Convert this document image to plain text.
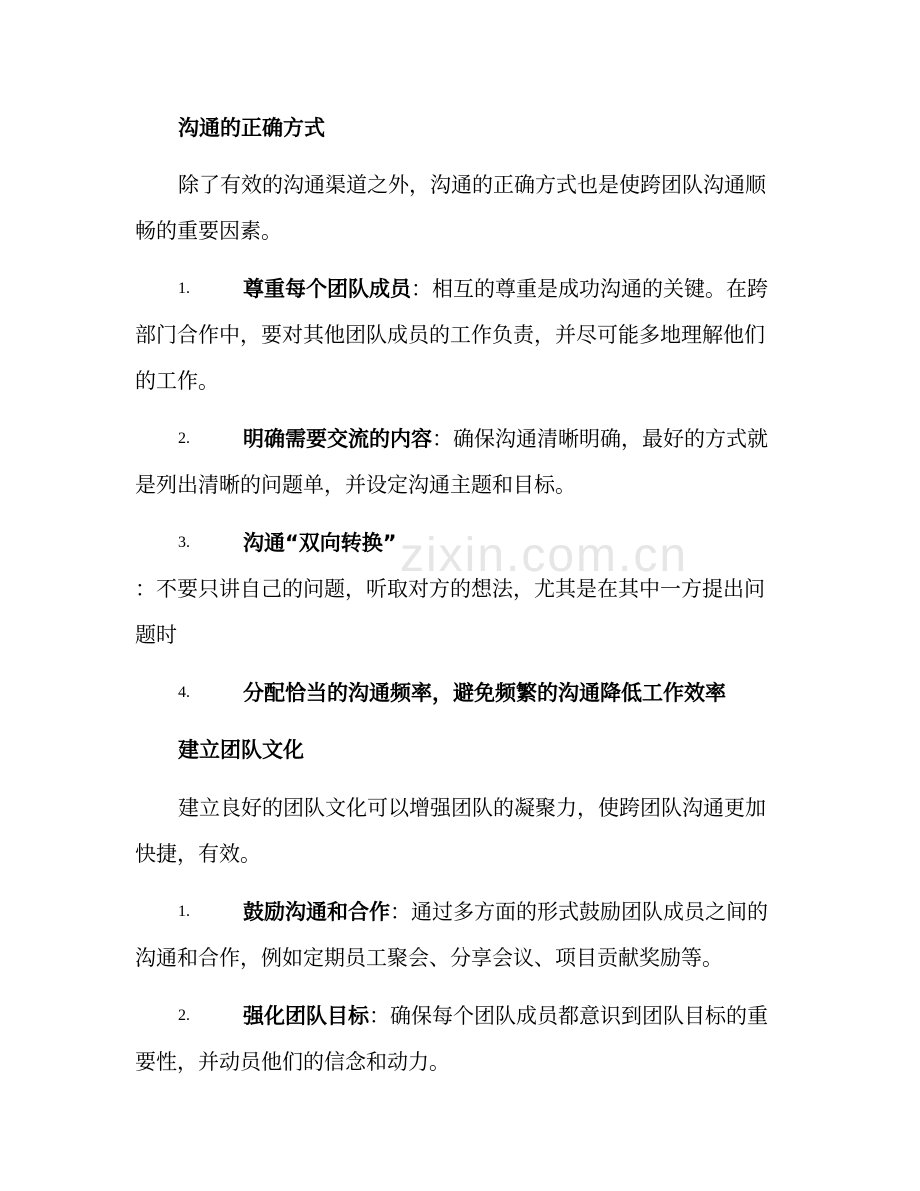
zixin.com.cn
沟通的正确方式
除了有效的沟通渠道之外，沟通的正确方式也是使跨团队沟通顺
畅的重要因素。
1.	尊重每个团队成员：相互的尊重是成功沟通的关键。在跨
部门合作中，要对其他团队成员的工作负责，并尽可能多地理解他们
的工作。
2.	明确需要交流的内容：确保沟通清晰明确，最好的方式就
是列出清晰的问题单，并设定沟通主题和目标。
3.	沟通“双向转换”
：不要只讲自己的问题，听取对方的想法，尤其是在其中一方提出问
题时
4.	分配恰当的沟通频率，避免频繁的沟通降低工作效率
建立团队文化
建立良好的团队文化可以增强团队的凝聚力，使跨团队沟通更加
快捷，有效。
1.	鼓励沟通和合作：通过多方面的形式鼓励团队成员之间的
沟通和合作，例如定期员工聚会、分享会议、项目贡献奖励等。
2.	强化团队目标：确保每个团队成员都意识到团队目标的重
要性，并动员他们的信念和动力。
